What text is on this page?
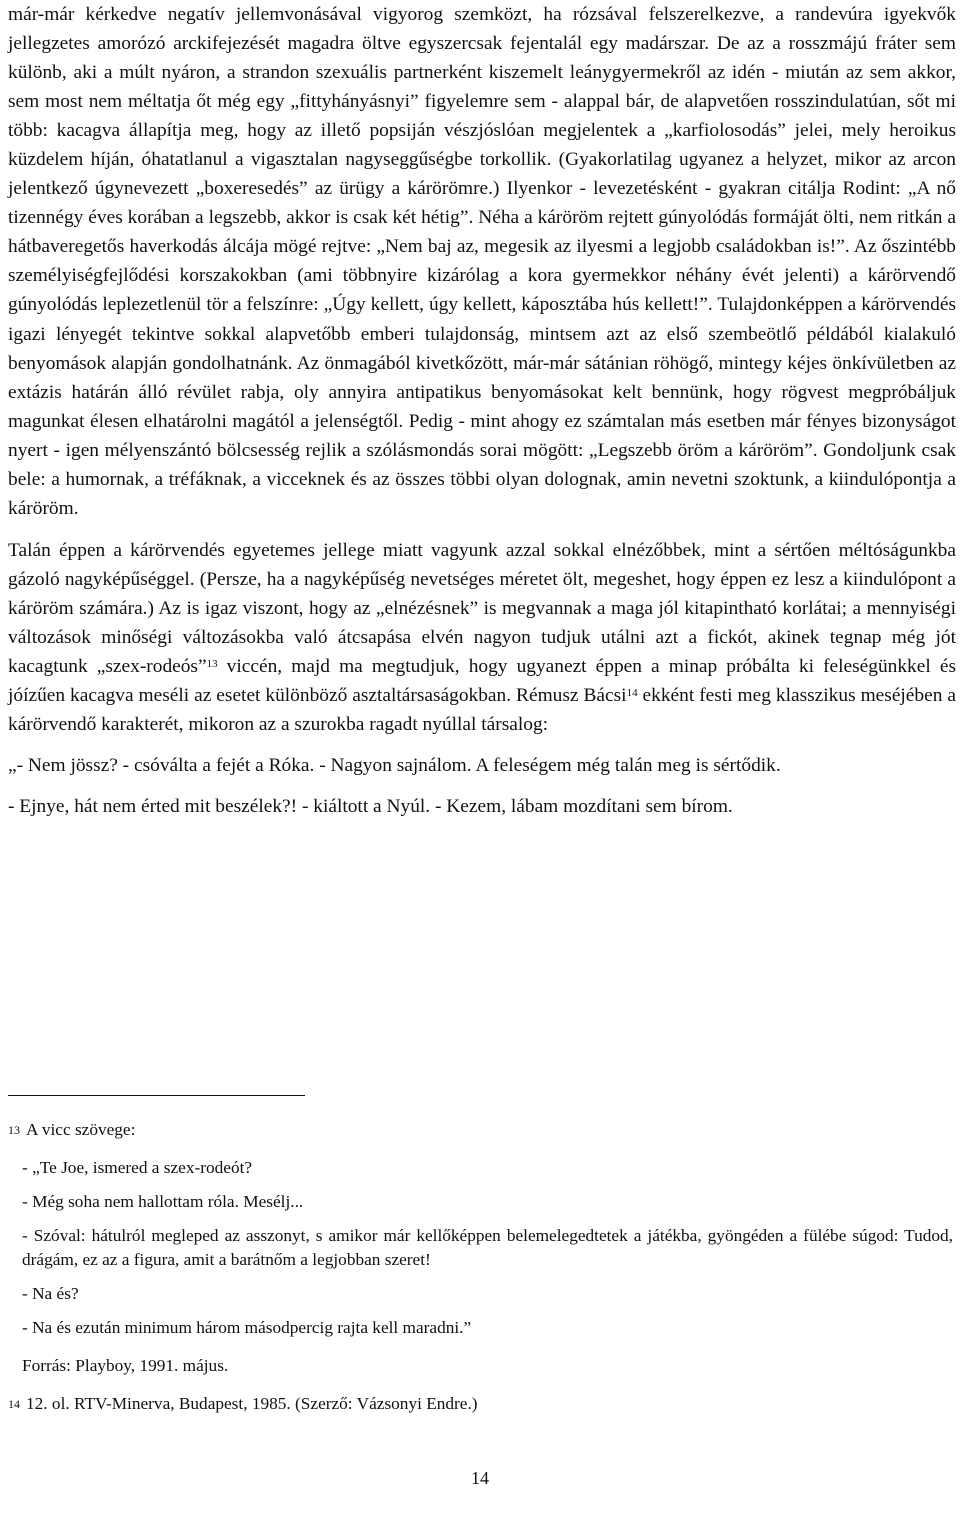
már-már kérkedve negatív jellemvonásával vigyorog szemközt, ha rózsával felszerelkezve, a randevúra igyekvők jellegzetes amorózó arckifejezését magadra öltve egyszercsak fejentalál egy madárszar. De az a rosszmájú fráter sem különb, aki a múlt nyáron, a strandon szexuális partnerként kiszemelt leánygyermekről az idén - miután az sem akkor, sem most nem méltatja őt még egy „fittyhányásnyi” figyelemre sem - alappal bár, de alapvetően rosszindulatúan, sőt mi több: kacagva állapítja meg, hogy az illető popsiján vészjóslóan megjelentek a „karfiolosodás” jelei, mely heroikus küzdelem híján, óhatatlanul a vigasztalan nagyseggűségbe torkollik. (Gyakorlatilag ugyanez a helyzet, mikor az arcon jelentkező úgynevezett „boxeresedés” az ürügy a kárörömre.) Ilyenkor - levezetésként - gyakran citálja Rodint: „A nő tizennégy éves korában a legszebb, akkor is csak két hétig”. Néha a káröröm rejtett gúnyolódás formáját ölti, nem ritkán a hátbaveregetős haverkodás álcája mögé rejtve: „Nem baj az, megesik az ilyesmi a legjobb családokban is!”. Az őszintébb személyiségfejlődési korszakokban (ami többnyire kizárólag a kora gyermekkor néhány évét jelenti) a kárörvendő gúnyolódás leplezetlenül tör a felszínre: „Úgy kellett, úgy kellett, káposztába hús kellett!”. Tulajdonképpen a kárörvendés igazi lényegét tekintve sokkal alapvetőbb emberi tulajdonság, mintsem azt az első szembeötlő példából kialakuló benyomások alapján gondolhatnánk. Az önmagából kivetkőzött, már-már sátánian röhögő, mintegy kéjes önkívületben az extázis határán álló révület rabja, oly annyira antipatikus benyomásokat kelt bennünk, hogy rögvest megpróbáljuk magunkat élesen elhatárolni magától a jelenségtől. Pedig - mint ahogy ez számtalan más esetben már fényes bizonyságot nyert - igen mélyenszántó bölcsesség rejlik a szólásmondás sorai mögött: „Legszebb öröm a káröröm”. Gondoljunk csak bele: a humornak, a tréfáknak, a vicceknek és az összes többi olyan dolognak, amin nevetni szoktunk, a kiindulópontja a káröröm.

Talán éppen a kárörvendés egyetemes jellege miatt vagyunk azzal sokkal elnézőbbek, mint a sértően méltóságunkba gázoló nagyképűséggel. (Persze, ha a nagyképűség nevetséges méretet ölt, megeshet, hogy éppen ez lesz a kiindulópont a káröröm számára.) Az is igaz viszont, hogy az „elnézésnek” is megvannak a maga jól kitapintható korlátai; a mennyiségi változások minőségi változásokba való átcsapása elvén nagyon tudjuk utálni azt a fickót, akinek tegnap még jót kacagtunk „szex-rodeós”$^{13}$ viccén, majd ma megtudjuk, hogy ugyanezt éppen a minap próbálta ki feleségünkkel és jóízűen kacagva meséli az esetet különböző asztaltársaságokban. Rémusz Bácsi$^{14}$ ekként festi meg klasszikus meséjében a kárörvendő karakterét, mikoron az a szurokba ragadt nyúllal társalog:

„- Nem jössz? - csóválta a fejét a Róka. - Nagyon sajnálom. A feleségem még talán meg is sértődik.

- Ejnye, hát nem érted mit beszélek?! - kiáltott a Nyúl. - Kezem, lábam mozdítani sem bírom.

$^{13}$ A vicc szövege:

- „Te Joe, ismered a szex-rodeót?

- Még soha nem hallottam róla. Mesélj...

- Szóval: hátulról megleped az asszonyt, s amikor már kellőképpen belemelegedtetek a játékba, gyöngéden a fülébe súgod: Tudod, drágám, ez az a figura, amit a barátnőm a legjobban szeret!

- Na és?

- Na és ezután minimum három másodpercig rajta kell maradni.”

Forrás: Playboy, 1991. május.

$^{14}$ 12. ol. RTV-Minerva, Budapest, 1985. (Szerző: Vázsonyi Endre.)

14
